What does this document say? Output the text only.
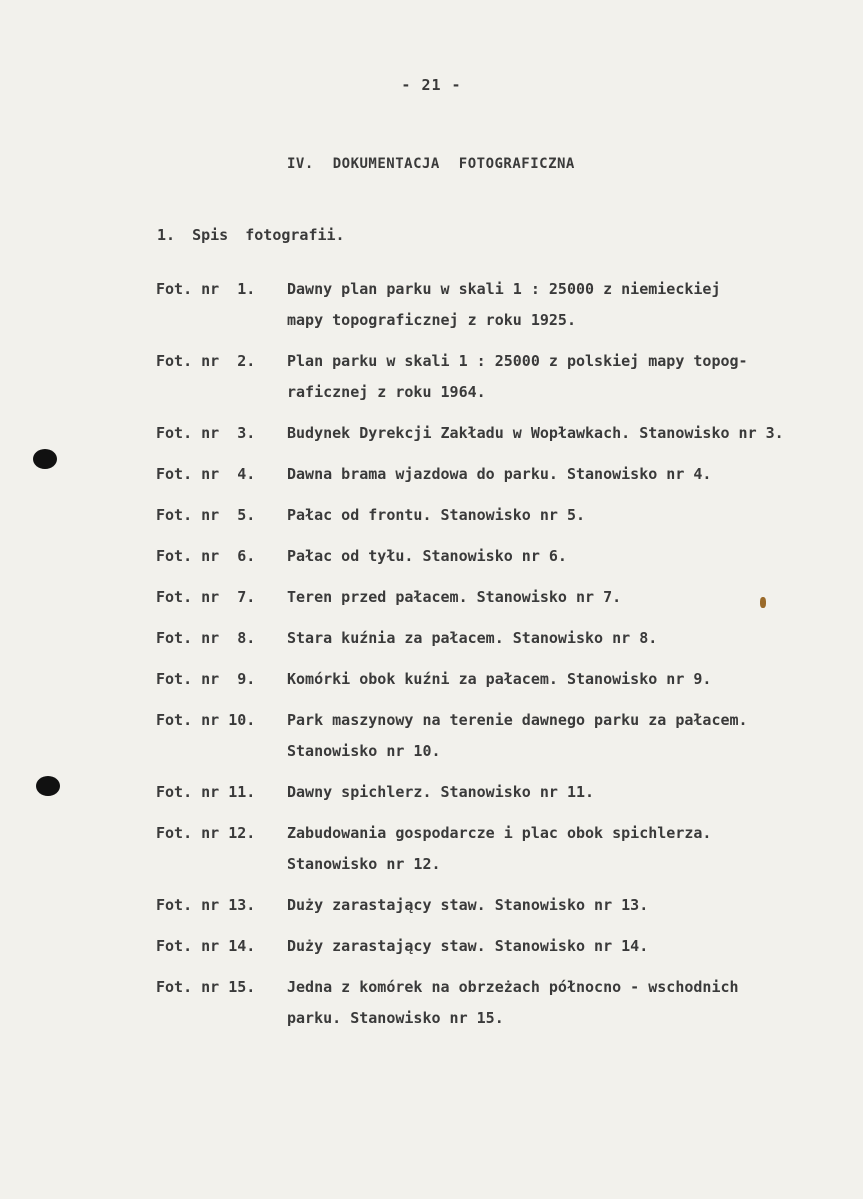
- 21 -
IV. DOKUMENTACJA FOTOGRAFICZNA
1. Spis fotografii.
Fot. nr  1.	Dawny plan parku w skali 1 : 25000 z niemieckiej
mapy topograficznej z roku 1925.
Fot. nr  2.	Plan parku w skali 1 : 25000 z polskiej mapy topog-
raficznej z roku 1964.
Fot. nr  3.	Budynek Dyrekcji Zakładu w Wopławkach. Stanowisko nr 3.
Fot. nr  4.	Dawna brama wjazdowa do parku. Stanowisko nr 4.
Fot. nr  5.	Pałac od frontu. Stanowisko nr 5.
Fot. nr  6.	Pałac od tyłu. Stanowisko nr 6.
Fot. nr  7.	Teren przed pałacem. Stanowisko nr 7.
Fot. nr  8.	Stara kuźnia za pałacem. Stanowisko nr 8.
Fot. nr  9.	Komórki obok kuźni za pałacem. Stanowisko nr 9.
Fot. nr 10.	Park maszynowy na terenie dawnego parku za pałacem.
Stanowisko nr 10.
Fot. nr 11.	Dawny spichlerz. Stanowisko nr 11.
Fot. nr 12.	Zabudowania gospodarcze i plac obok spichlerza.
Stanowisko nr 12.
Fot. nr 13.	Duży zarastający staw. Stanowisko nr 13.
Fot. nr 14.	Duży zarastający staw. Stanowisko nr 14.
Fot. nr 15.	Jedna z komórek na obrzeżach północno - wschodnich
parku. Stanowisko nr 15.
